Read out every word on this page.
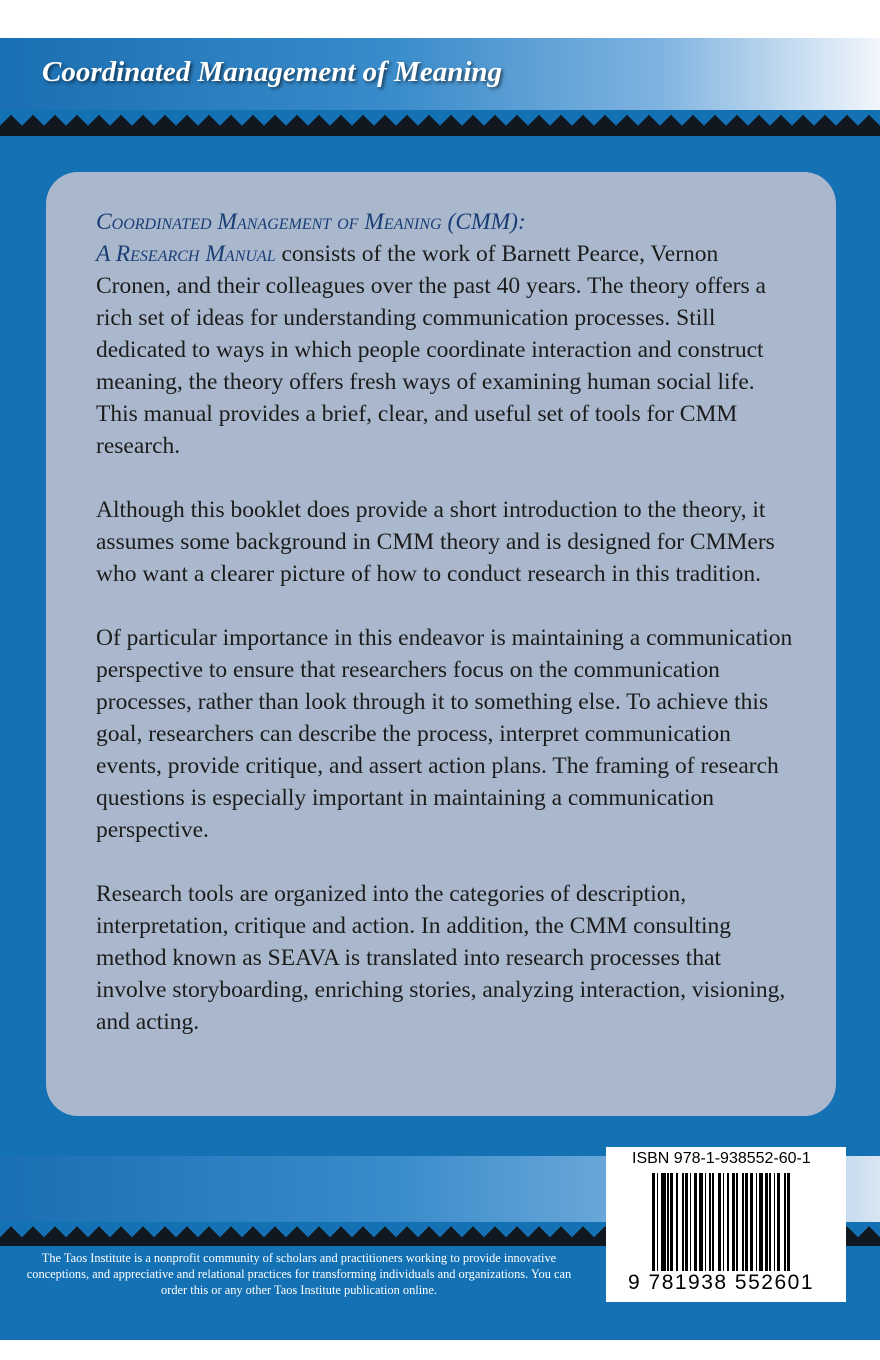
Coordinated Management of Meaning

Coordinated Management of Meaning (CMM):
A Research Manual consists of the work of Barnett Pearce, Vernon Cronen, and their colleagues over the past 40 years. The theory offers a rich set of ideas for understanding communication processes. Still dedicated to ways in which people coordinate interaction and construct meaning, the theory offers fresh ways of examining human social life. This manual provides a brief, clear, and useful set of tools for CMM research.

Although this booklet does provide a short introduction to the theory, it assumes some background in CMM theory and is designed for CMMers who want a clearer picture of how to conduct research in this tradition.

Of particular importance in this endeavor is maintaining a communication perspective to ensure that researchers focus on the communication processes, rather than look through it to something else. To achieve this goal, researchers can describe the process, interpret communication events, provide critique, and assert action plans. The framing of research questions is especially important in maintaining a communication perspective.

Research tools are organized into the categories of description, interpretation, critique and action. In addition, the CMM consulting method known as SEAVA is translated into research processes that involve storyboarding, enriching stories, analyzing interaction, visioning, and acting.

The Taos Institute is a nonprofit community of scholars and practitioners working to provide innovative conceptions, and appreciative and relational practices for transforming individuals and organizations. You can order this or any other Taos Institute publication online.
ISBN 978-1-938552-60-1
9 781938 552601
